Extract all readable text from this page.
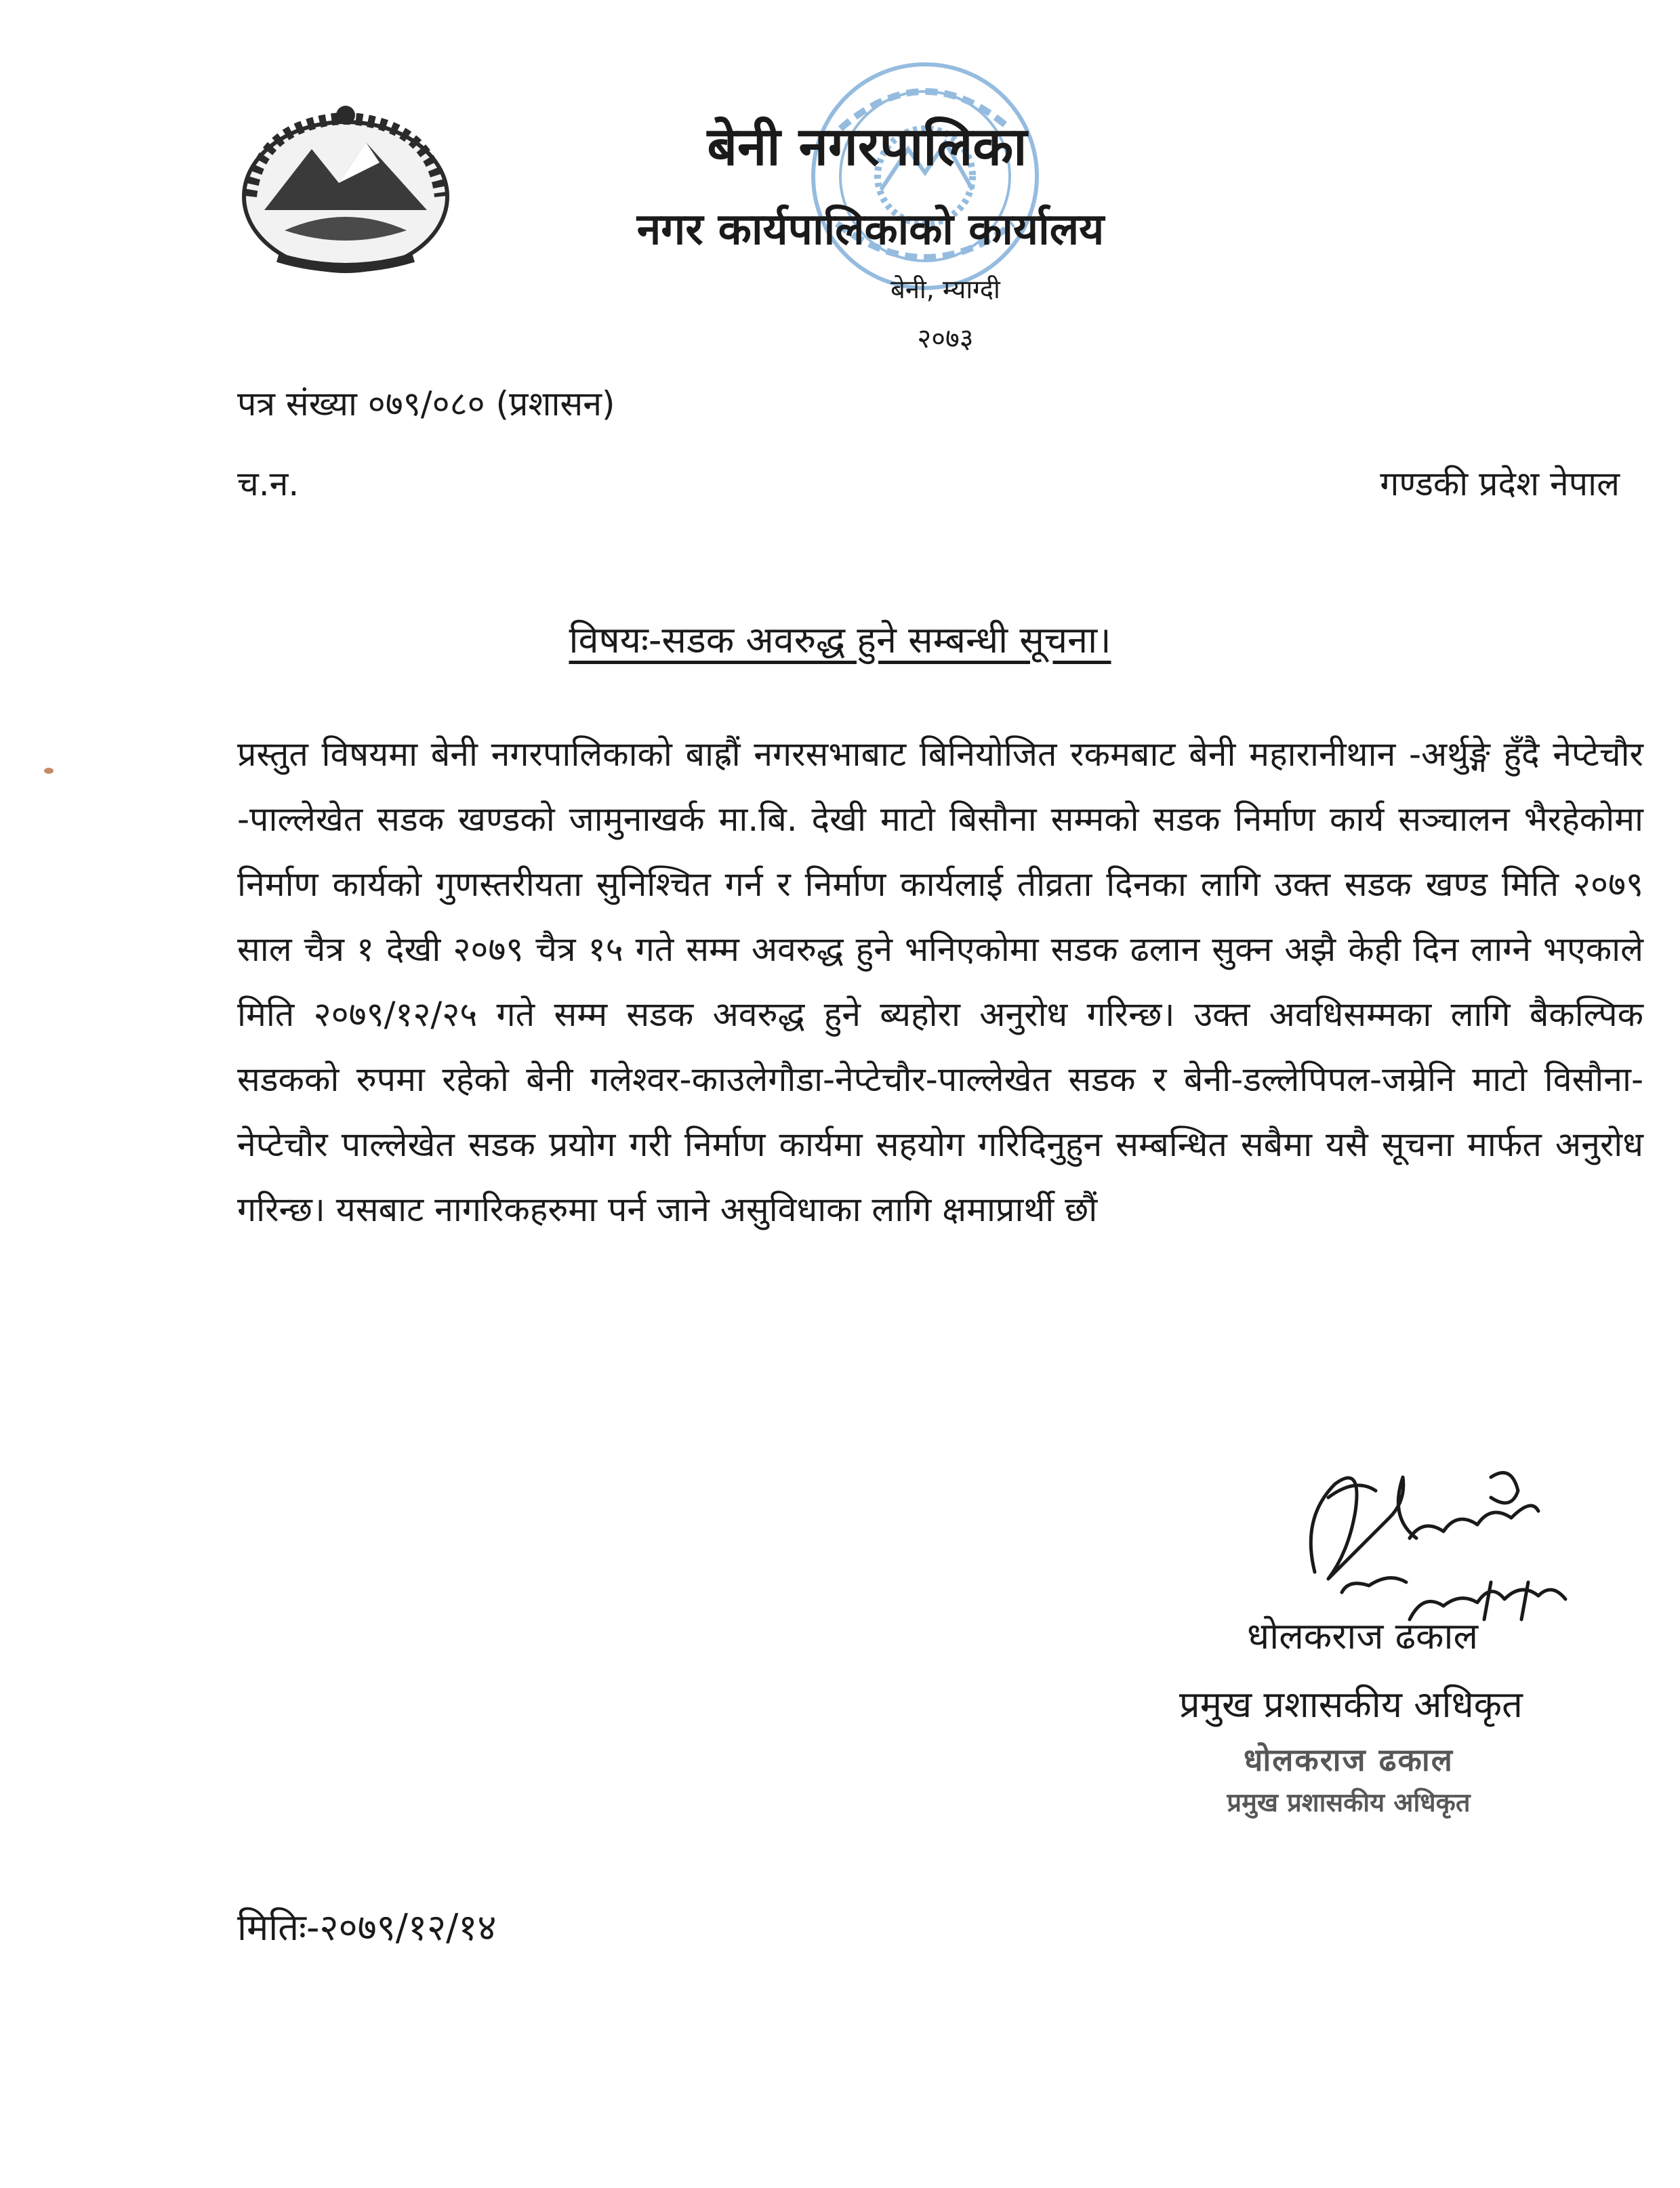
बेनी नगरपालिका
नगर कार्यपालिकाको कार्यालय
बेनी, म्याग्दी
२०७३
पत्र संख्या ०७९/०८० (प्रशासन)
च.न.	गण्डकी प्रदेश नेपाल
विषयः-सडक अवरुद्ध हुने सम्बन्धी सूचना।
प्रस्तुत विषयमा बेनी नगरपालिकाको बाह्रौं नगरसभाबाट बिनियोजित रकमबाट बेनी महारानीथान -अर्थुङ्गे हुँदै नेप्टेचौर -पाल्लेखेत सडक खण्डको जामुनाखर्क मा.बि. देखी माटो बिसौना सम्मको सडक निर्माण कार्य सञ्चालन भैरहेकोमा निर्माण कार्यको गुणस्तरीयता सुनिश्चित गर्न र निर्माण कार्यलाई तीव्रता दिनका लागि उक्त सडक खण्ड मिति २०७९ साल चैत्र १ देखी २०७९ चैत्र १५ गते सम्म अवरुद्ध हुने भनिएकोमा सडक ढलान सुक्न अझै केही दिन लाग्ने भएकाले मिति २०७९/१२/२५ गते सम्म सडक अवरुद्ध हुने ब्यहोरा अनुरोध गरिन्छ। उक्त अवधिसम्मका लागि बैकल्पिक सडकको रुपमा रहेको बेनी गलेश्वर-काउलेगौडा-नेप्टेचौर-पाल्लेखेत सडक र बेनी-डल्लेपिपल-जम्रेनि माटो विसौना-नेप्टेचौर पाल्लेखेत सडक प्रयोग गरी निर्माण कार्यमा सहयोग गरिदिनुहुन सम्बन्धित सबैमा यसै सूचना मार्फत अनुरोध गरिन्छ। यसबाट नागरिकहरुमा पर्न जाने असुविधाका लागि क्षमाप्रार्थी छौं
धोलकराज ढकाल
प्रमुख प्रशासकीय अधिकृत
धोलकराज ढकाल
प्रमुख प्रशासकीय अधिकृत
मितिः-२०७९/१२/१४
